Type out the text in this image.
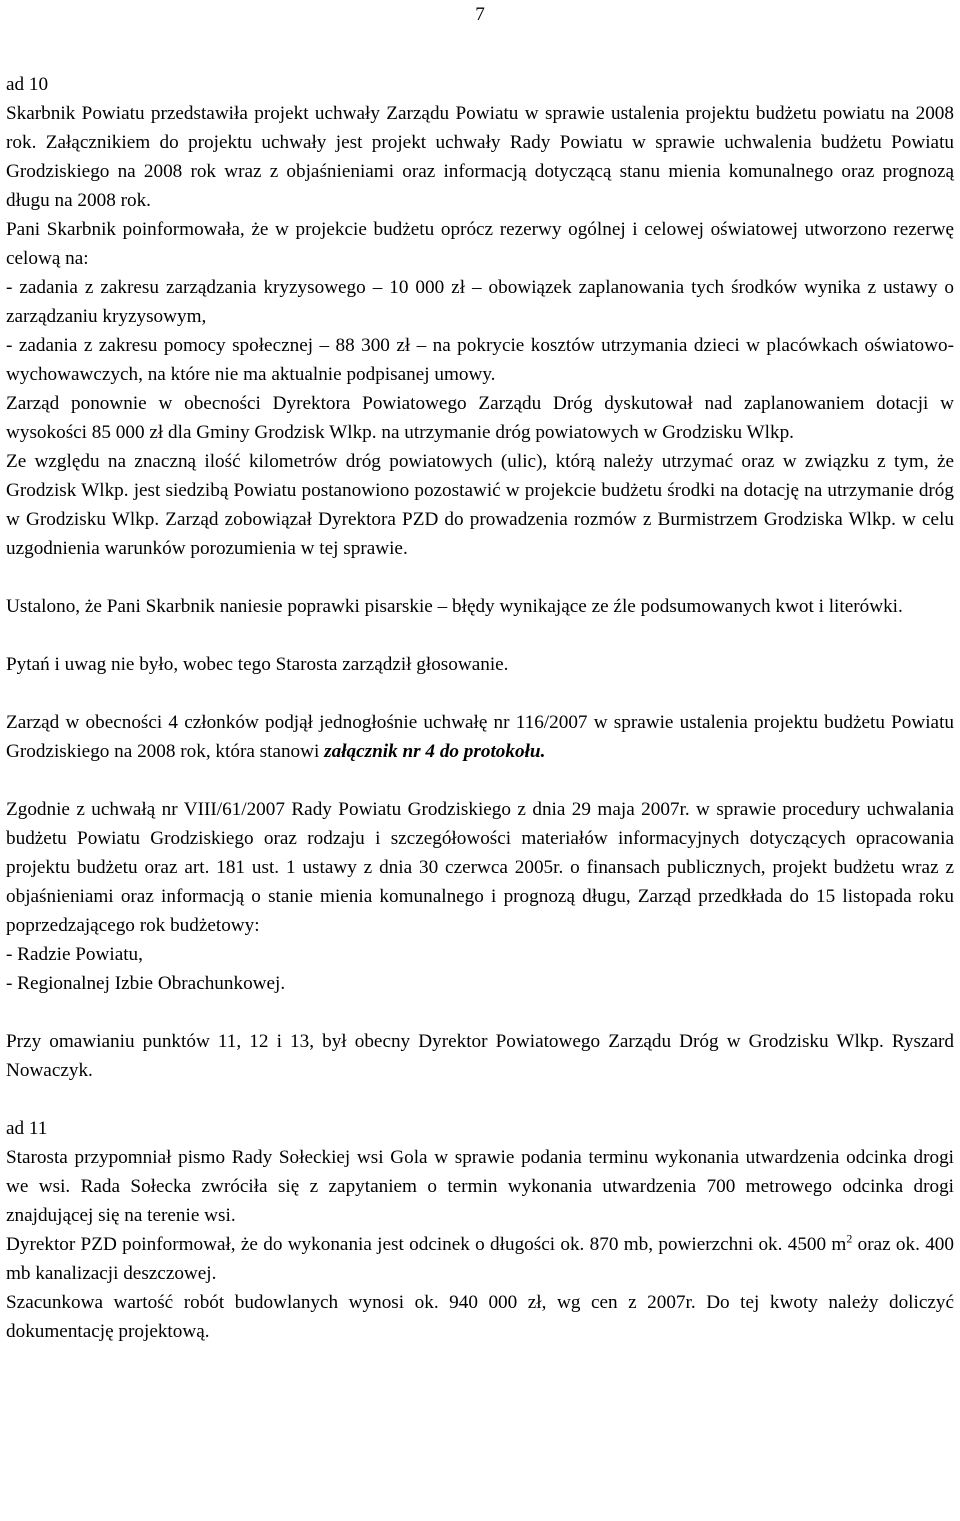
7

ad 10

Skarbnik Powiatu przedstawiła projekt uchwały Zarządu Powiatu w sprawie ustalenia projektu budżetu powiatu na 2008 rok. Załącznikiem do projektu uchwały jest projekt uchwały Rady Powiatu w sprawie uchwalenia budżetu Powiatu Grodziskiego na 2008 rok wraz z objaśnieniami oraz informacją dotyczącą stanu mienia komunalnego oraz prognozą długu na 2008 rok.

Pani Skarbnik poinformowała, że w projekcie budżetu oprócz rezerwy ogólnej i celowej oświatowej utworzono rezerwę celową na:

- zadania z zakresu zarządzania kryzysowego – 10 000 zł – obowiązek zaplanowania tych środków wynika z ustawy o zarządzaniu kryzysowym,

- zadania z zakresu pomocy społecznej – 88 300 zł – na pokrycie kosztów utrzymania dzieci w placówkach oświatowo- wychowawczych, na które nie ma aktualnie podpisanej umowy.

Zarząd ponownie w obecności Dyrektora Powiatowego Zarządu Dróg dyskutował nad zaplanowaniem dotacji w wysokości 85 000 zł dla Gminy Grodzisk Wlkp. na utrzymanie dróg powiatowych w Grodzisku Wlkp.

Ze względu na znaczną ilość kilometrów dróg powiatowych (ulic), którą należy utrzymać oraz w związku z tym, że Grodzisk Wlkp. jest siedzibą Powiatu postanowiono pozostawić w projekcie budżetu środki na dotację na utrzymanie dróg w Grodzisku Wlkp. Zarząd zobowiązał Dyrektora PZD do prowadzenia rozmów z Burmistrzem Grodziska Wlkp. w celu uzgodnienia warunków porozumienia w tej sprawie.

Ustalono, że Pani Skarbnik naniesie poprawki pisarskie – błędy wynikające ze źle podsumowanych kwot i literówki.

Pytań i uwag nie było, wobec tego Starosta zarządził głosowanie.

Zarząd w obecności 4 członków podjął jednogłośnie uchwałę nr 116/2007 w sprawie ustalenia projektu budżetu Powiatu Grodziskiego na 2008 rok, która stanowi załącznik nr 4 do protokołu.

Zgodnie z uchwałą nr VIII/61/2007 Rady Powiatu Grodziskiego z dnia 29 maja 2007r. w sprawie procedury uchwalania budżetu Powiatu Grodziskiego oraz rodzaju i szczegółowości materiałów informacyjnych dotyczących opracowania projektu budżetu oraz art. 181 ust. 1 ustawy z dnia 30 czerwca 2005r. o finansach publicznych, projekt budżetu wraz z objaśnieniami oraz informacją o stanie mienia komunalnego i prognozą długu, Zarząd przedkłada do 15 listopada roku poprzedzającego rok budżetowy:

- Radzie Powiatu,

- Regionalnej Izbie Obrachunkowej.

Przy omawianiu punktów 11, 12 i 13, był obecny Dyrektor Powiatowego Zarządu Dróg w Grodzisku Wlkp. Ryszard Nowaczyk.

ad 11

Starosta przypomniał pismo Rady Sołeckiej wsi Gola w sprawie podania terminu wykonania utwardzenia odcinka drogi we wsi. Rada Sołecka zwróciła się z zapytaniem o termin wykonania utwardzenia 700 metrowego odcinka drogi znajdującej się na terenie wsi.

Dyrektor PZD poinformował, że do wykonania jest odcinek o długości ok. 870 mb, powierzchni ok. 4500 $m^2$ oraz ok. 400 mb kanalizacji deszczowej.

Szacunkowa wartość robót budowlanych wynosi ok. 940 000 zł, wg cen z 2007r. Do tej kwoty należy doliczyć dokumentację projektową.
